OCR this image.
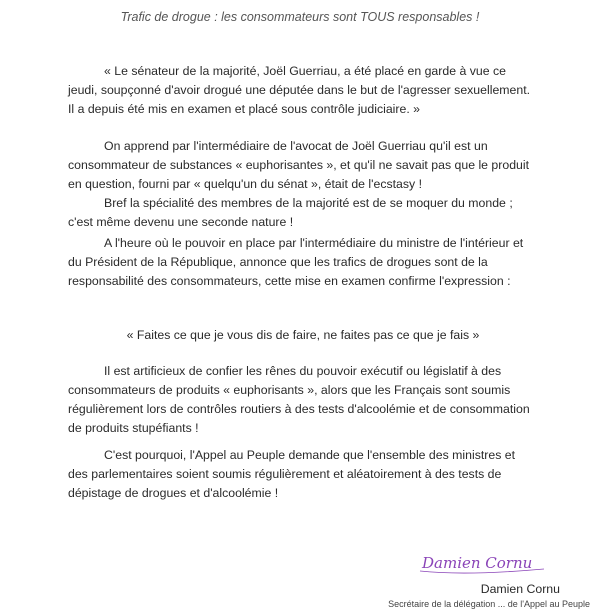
Trafic de drogue : les consommateurs sont TOUS responsables !

« Le sénateur de la majorité, Joël Guerriau, a été placé en garde à vue ce jeudi, soupçonné d'avoir drogué une députée dans le but de l'agresser sexuellement. Il a depuis été mis en examen et placé sous contrôle judiciaire. »

On apprend par l'intermédiaire de l'avocat de Joël Guerriau qu'il est un consommateur de substances « euphorisantes », et qu'il ne savait pas que le produit en question, fourni par « quelqu'un du sénat », était de l'ecstasy !

Bref la spécialité des membres de la majorité est de se moquer du monde ; c'est même devenu une seconde nature !

A l'heure où le pouvoir en place par l'intermédiaire du ministre de l'intérieur et du Président de la République, annonce que les trafics de drogues sont de la responsabilité des consommateurs, cette mise en examen confirme l'expression :

« Faites ce que je vous dis de faire, ne faites pas ce que je fais »

Il est artificieux de confier les rênes du pouvoir exécutif ou législatif à des consommateurs de produits « euphorisants », alors que les Français sont soumis régulièrement lors de contrôles routiers à des tests d'alcoolémie et de consommation de produits stupéfiants !

C'est pourquoi, l'Appel au Peuple demande que l'ensemble des ministres et des parlementaires soient soumis régulièrement et aléatoirement à des tests de dépistage de drogues et d'alcoolémie !

Damien Cornu
Damien Cornu
Secrétaire de la délégation ... de l'Appel au Peuple
